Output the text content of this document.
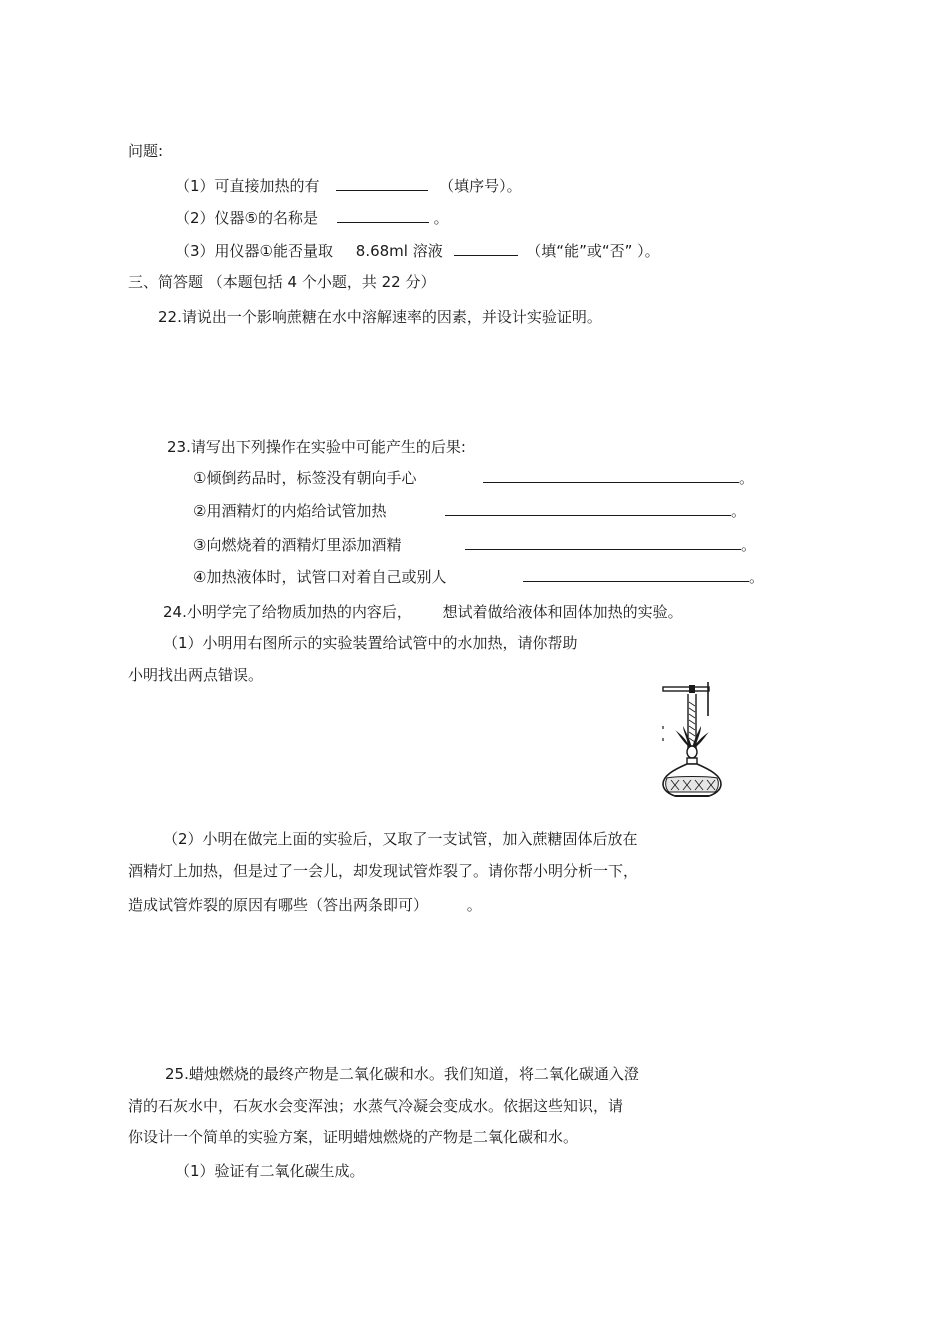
问题:
（1）可直接加热的有	（填序号）。
（2）仪器⑤的名称是	。
（3）用仪器①能否量取 8.68ml 溶液	（填“能”或“否” ）。
三、简答题 （本题包括 4 个小题，共 22 分）
22.请说出一个影响蔗糖在水中溶解速率的因素，并设计实验证明。
23.请写出下列操作在实验中可能产生的后果:
①倾倒药品时，标签没有朝向手心	。
②用酒精灯的内焰给试管加热	。
③向燃烧着的酒精灯里添加酒精	。
④加热液体时，试管口对着自己或别人	。
24.小明学完了给物质加热的内容后， 想试着做给液体和固体加热的实验。
（1）小明用右图所示的实验装置给试管中的水加热，请你帮助
小明找出两点错误。
（2）小明在做完上面的实验后，又取了一支试管，加入蔗糖固体后放在
酒精灯上加热，但是过了一会儿，却发现试管炸裂了。请你帮小明分析一下，
造成试管炸裂的原因有哪些（答出两条即可）	。
25.蜡烛燃烧的最终产物是二氧化碳和水。我们知道，将二氧化碳通入澄
清的石灰水中，石灰水会变浑浊；水蒸气冷凝会变成水。依据这些知识，请
你设计一个简单的实验方案，证明蜡烛燃烧的产物是二氧化碳和水。
（1）验证有二氧化碳生成。
